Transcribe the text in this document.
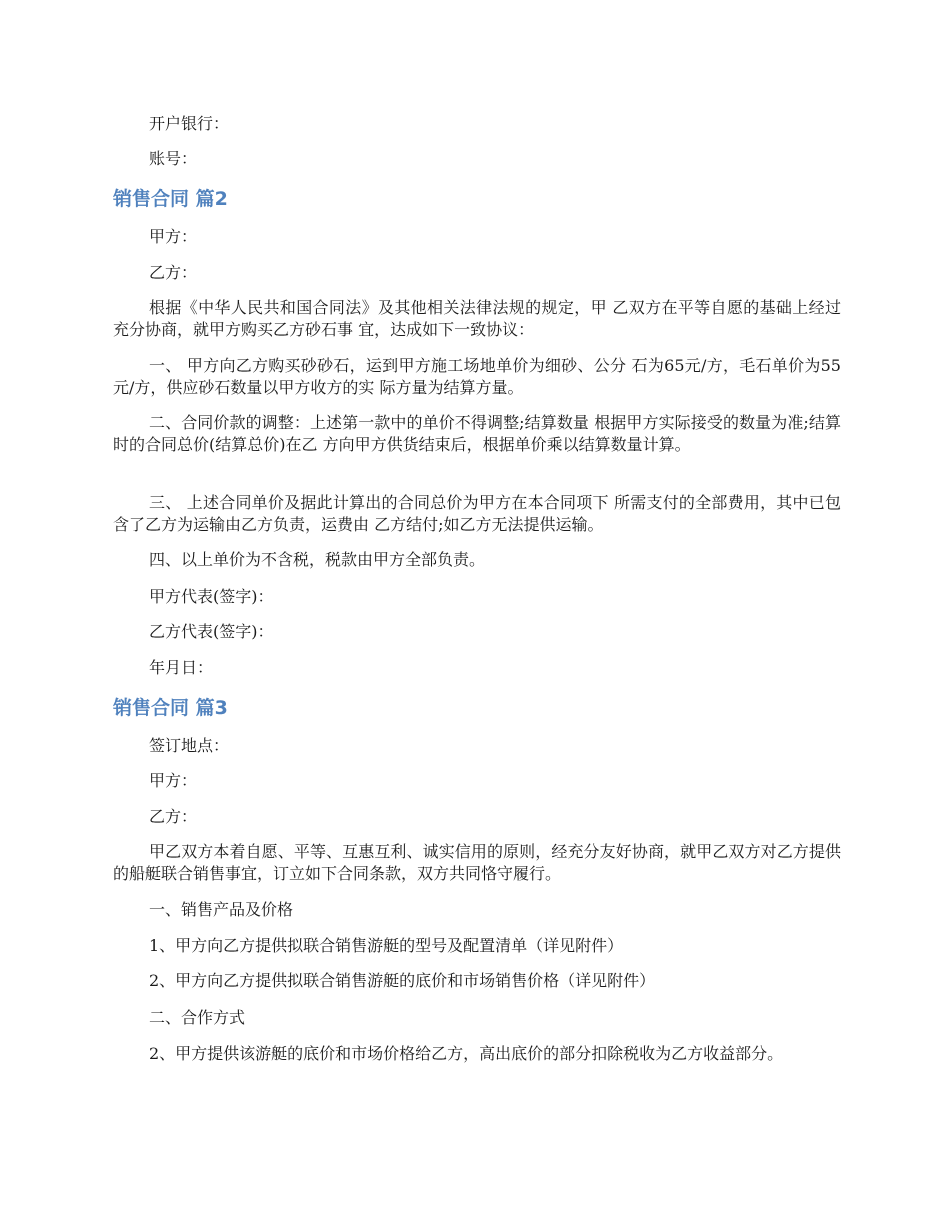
开户银行：

账号：

销售合同 篇2

甲方：

乙方：

根据《中华人民共和国合同法》及其他相关法律法规的规定，甲 乙双方在平等自愿的基础上经过充分协商，就甲方购买乙方砂石事 宜，达成如下一致协议：

一、 甲方向乙方购买砂砂石，运到甲方施工场地单价为细砂、公分 石为65元/方，毛石单价为55元/方，供应砂石数量以甲方收方的实 际方量为结算方量。

二、合同价款的调整：上述第一款中的单价不得调整;结算数量 根据甲方实际接受的数量为准;结算时的合同总价(结算总价)在乙 方向甲方供货结束后，根据单价乘以结算数量计算。

三、 上述合同单价及据此计算出的合同总价为甲方在本合同项下 所需支付的全部费用，其中已包含了乙方为运输由乙方负责，运费由 乙方结付;如乙方无法提供运输。

四、以上单价为不含税，税款由甲方全部负责。

甲方代表(签字)：

乙方代表(签字)：

年月日：

销售合同 篇3

签订地点：

甲方：

乙方：

甲乙双方本着自愿、平等、互惠互利、诚实信用的原则，经充分友好协商，就甲乙双方对乙方提供的船艇联合销售事宜，订立如下合同条款，双方共同恪守履行。

一、销售产品及价格

1、甲方向乙方提供拟联合销售游艇的型号及配置清单（详见附件）

2、甲方向乙方提供拟联合销售游艇的底价和市场销售价格（详见附件）

二、合作方式

2、甲方提供该游艇的底价和市场价格给乙方，高出底价的部分扣除税收为乙方收益部分。
